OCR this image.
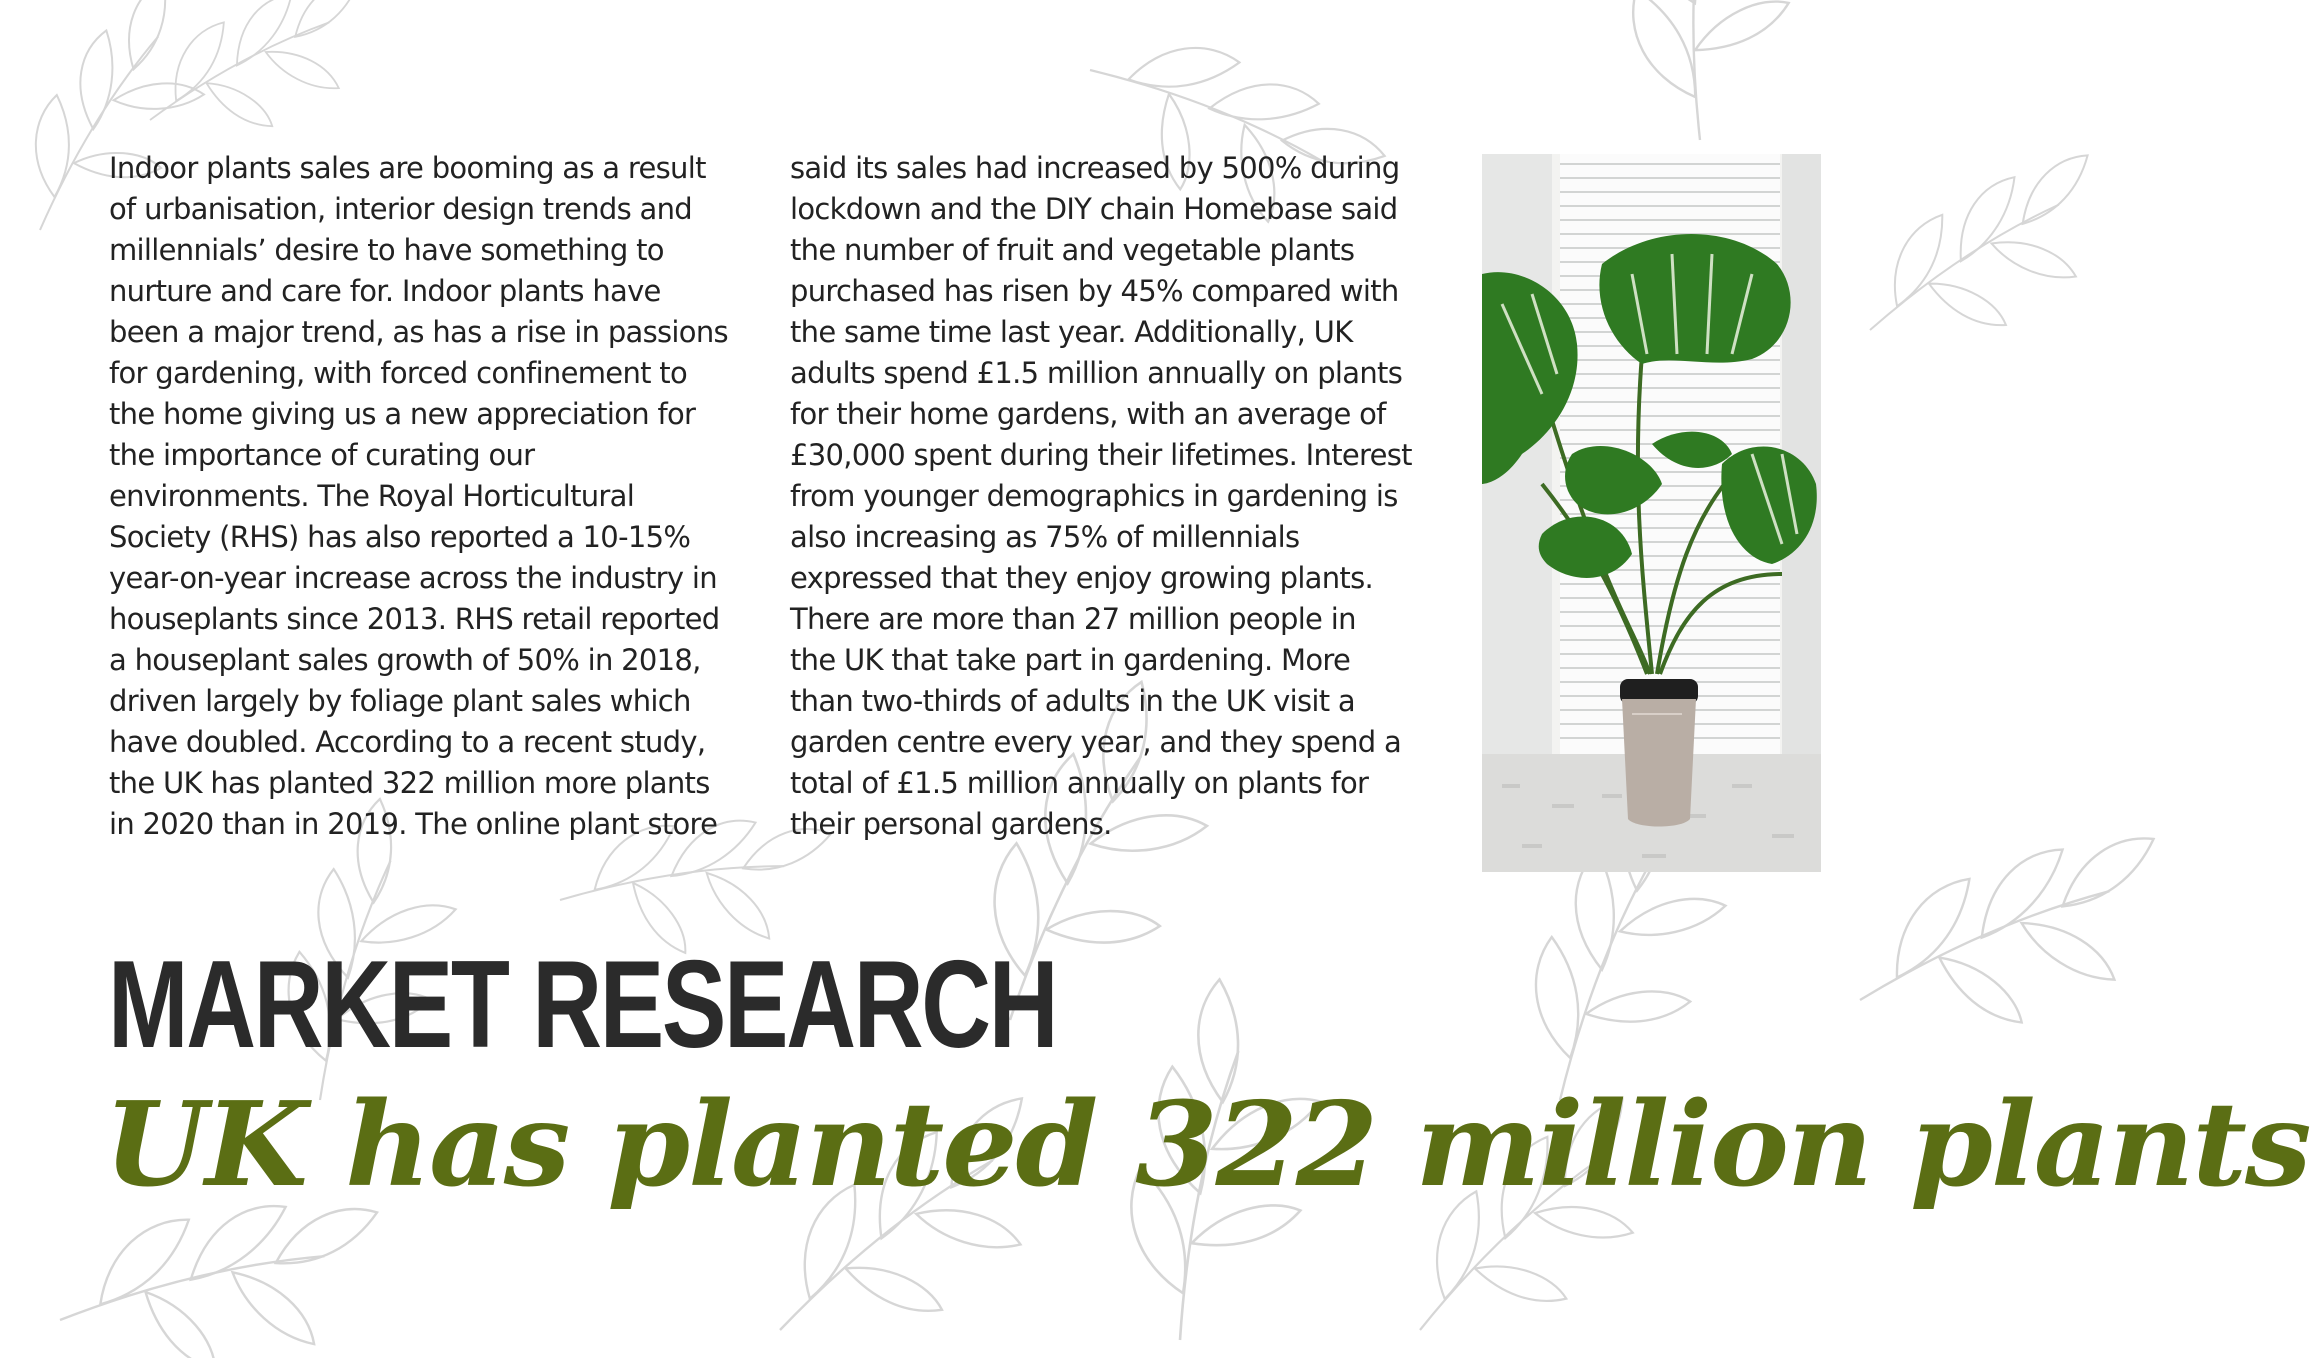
Indoor plants sales are booming as a result
of urbanisation, interior design trends and
millennials’ desire to have something to
nurture and care for. Indoor plants have
been a major trend, as has a rise in passions
for gardening, with forced confinement to
the home giving us a new appreciation for
the importance of curating our
environments. The Royal Horticultural
Society (RHS) has also reported a 10-15%
year-on-year increase across the industry in
houseplants since 2013. RHS retail reported
a houseplant sales growth of 50% in 2018,
driven largely by foliage plant sales which
have doubled. According to a recent study,
the UK has planted 322 million more plants
in 2020 than in 2019. The online plant store
said its sales had increased by 500% during
lockdown and the DIY chain Homebase said
the number of fruit and vegetable plants
purchased has risen by 45% compared with
the same time last year. Additionally, UK
adults spend £1.5 million annually on plants
for their home gardens, with an average of
£30,000 spent during their lifetimes. Interest
from younger demographics in gardening is
also increasing as 75% of millennials
expressed that they enjoy growing plants.
There are more than 27 million people in
the UK that take part in gardening. More
than two-thirds of adults in the UK visit a
garden centre every year, and they spend a
total of £1.5 million annually on plants for
their personal gardens.
MARKET RESEARCH
UK has planted 322 million plants
